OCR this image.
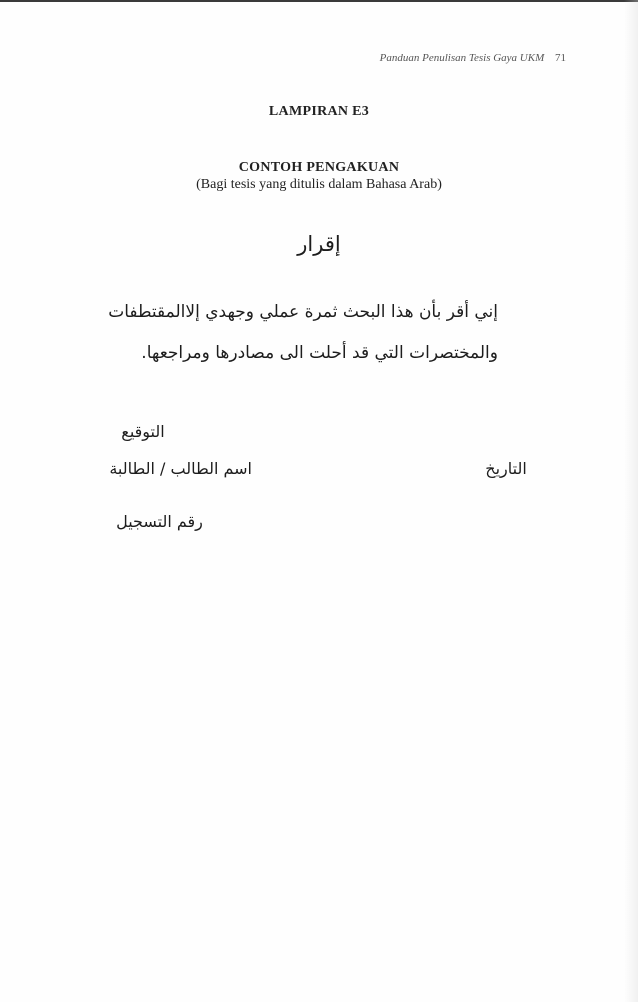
Panduan Penulisan Tesis Gaya UKM 71
LAMPIRAN E3
CONTOH PENGAKUAN
(Bagi tesis yang ditulis dalam Bahasa Arab)
إقرار
إني أقر بأن هذا البحث ثمرة عملي وجهدي إلاالمقتطفات
والمختصرات التي قد أحلت الى مصادرها ومراجعها.
التوقيع
اسم الطالب / الطالبة	التاريخ
رقم التسجيل
